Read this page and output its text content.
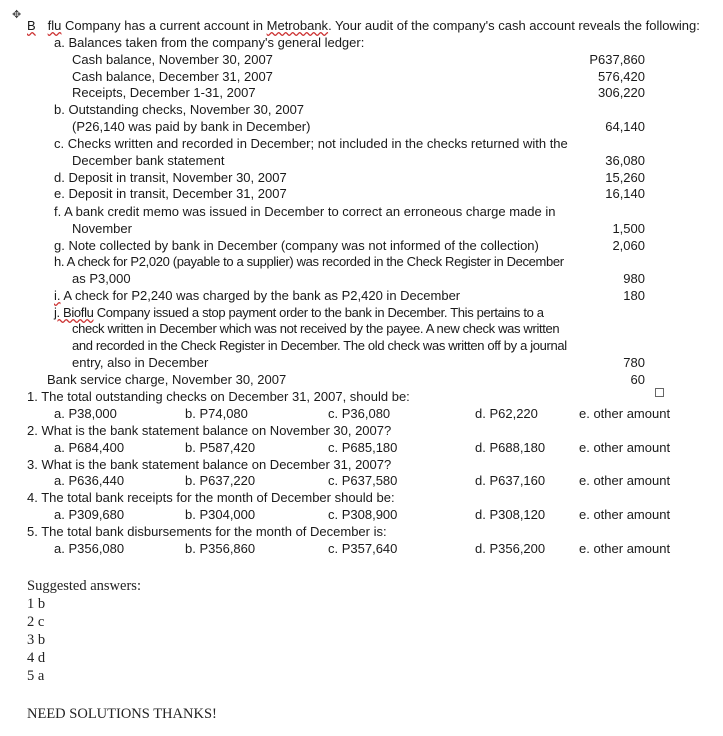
✥
B flu Company has a current account in Metrobank. Your audit of the company's cash account reveals the following:
a. Balances taken from the company's general ledger:
Cash balance, November 30, 2007	P637,860
Cash balance, December 31, 2007	576,420
Receipts, December 1-31, 2007	306,220
b. Outstanding checks, November 30, 2007
(P26,140 was paid by bank in December)	64,140
c. Checks written and recorded in December; not included in the checks returned with the
December bank statement	36,080
d. Deposit in transit, November 30, 2007	15,260
e. Deposit in transit, December 31, 2007	16,140
f. A bank credit memo was issued in December to correct an erroneous charge made in
November	1,500
g. Note collected by bank in December (company was not informed of the collection)	2,060
h. A check for P2,020 (payable to a supplier) was recorded in the Check Register in December
as P3,000	980
i. A check for P2,240 was charged by the bank as P2,420 in December	180
j. Bioflu Company issued a stop payment order to the bank in December. This pertains to a
check written in December which was not received by the payee. A new check was written
and recorded in the Check Register in December. The old check was written off by a journal
entry, also in December	780
Bank service charge, November 30, 2007	60
1. The total outstanding checks on December 31, 2007, should be:
a. P38,000	b. P74,080	c. P36,080	d. P62,220	e. other amount
2. What is the bank statement balance on November 30, 2007?
a. P684,400	b. P587,420	c. P685,180	d. P688,180	e. other amount
3. What is the bank statement balance on December 31, 2007?
a. P636,440	b. P637,220	c. P637,580	d. P637,160	e. other amount
4. The total bank receipts for the month of December should be:
a. P309,680	b. P304,000	c. P308,900	d. P308,120	e. other amount
5. The total bank disbursements for the month of December is:
a. P356,080	b. P356,860	c. P357,640	d. P356,200	e. other amount
Suggested answers:
1 b
2 c
3 b
4 d
5 a
NEED SOLUTIONS THANKS!
